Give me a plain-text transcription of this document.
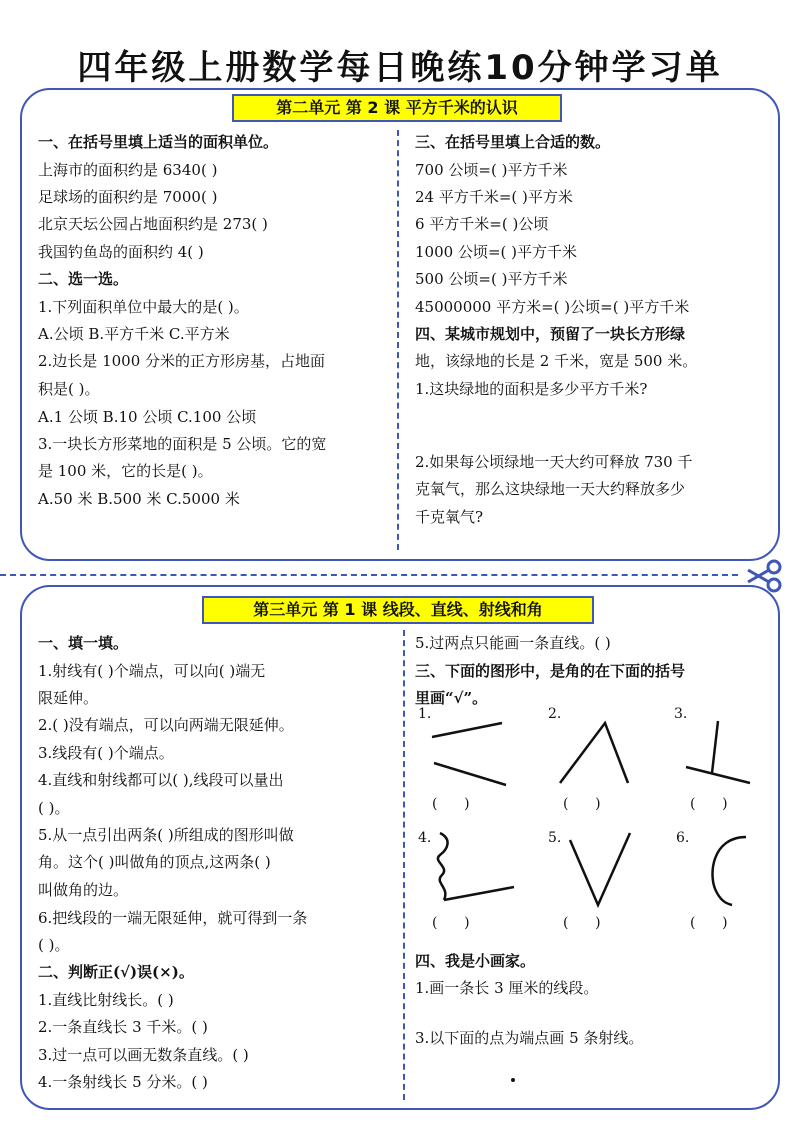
四年级上册数学每日晚练10分钟学习单
第二单元 第 2 课 平方千米的认识
一、在括号里填上适当的面积单位。
上海市的面积约是 6340( )
足球场的面积约是 7000( )
北京天坛公园占地面积约是 273( )
我国钓鱼岛的面积约 4( )
二、选一选。
1.下列面积单位中最大的是( )。
A.公顷 B.平方千米 C.平方米
2.边长是 1000 分米的正方形房基，占地面
积是( )。
A.1 公顷 B.10 公顷 C.100 公顷
3.一块长方形菜地的面积是 5 公顷。它的宽
是 100 米，它的长是( )。
A.50 米 B.500 米 C.5000 米
三、在括号里填上合适的数。
700 公顷=( )平方千米
24 平方千米=( )平方米
6 平方千米=( )公顷
1000 公顷=( )平方千米
500 公顷=( )平方千米
45000000 平方米=( )公顷=( )平方千米
四、某城市规划中，预留了一块长方形绿
地，该绿地的长是 2 千米，宽是 500 米。
1.这块绿地的面积是多少平方千米?
2.如果每公顷绿地一天大约可释放 730 千
克氧气，那么这块绿地一天大约释放多少
千克氧气?
第三单元 第 1 课 线段、直线、射线和角
一、填一填。
1.射线有( )个端点，可以向( )端无
限延伸。
2.( )没有端点，可以向两端无限延伸。
3.线段有( )个端点。
4.直线和射线都可以( ),线段可以量出
( )。
5.从一点引出两条( )所组成的图形叫做
角。这个( )叫做角的顶点,这两条( )
叫做角的边。
6.把线段的一端无限延伸，就可得到一条
( )。
二、判断正(√)误(×)。
1.直线比射线长。( )
2.一条直线长 3 千米。( )
3.过一点可以画无数条直线。( )
4.一条射线长 5 分米。( )
5.过两点只能画一条直线。( )
三、下面的图形中，是角的在下面的括号
里画“√”。
四、我是小画家。
1.画一条长 3 厘米的线段。
3.以下面的点为端点画 5 条射线。
1.	2.	3.
4.	5.	6.
(      )	(      )	(      )
(      )	(      )	(      )
